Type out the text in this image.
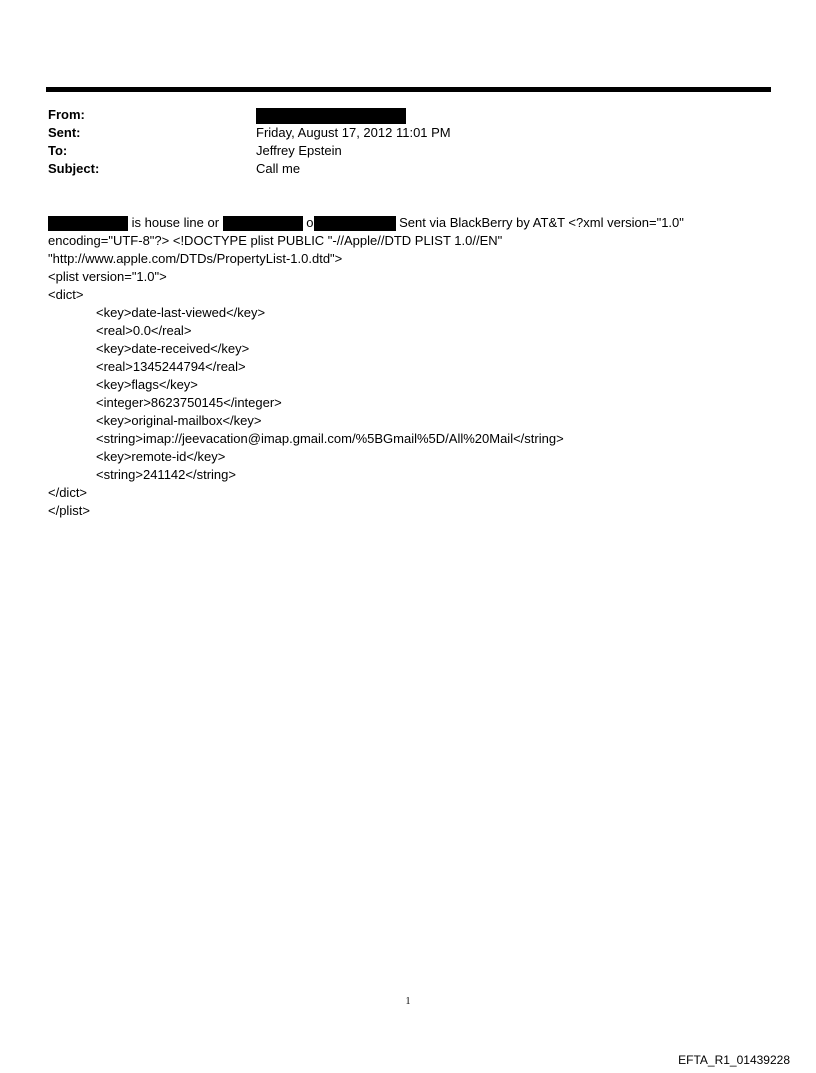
From:
Sent:	Friday, August 17, 2012 11:01 PM
To:	Jeffrey Epstein
Subject:	Call me
is house line or	o	Sent via BlackBerry by AT&T <?xml version="1.0"
encoding="UTF-8"?> <!DOCTYPE plist PUBLIC "-//Apple//DTD PLIST 1.0//EN"
"http://www.apple.com/DTDs/PropertyList-1.0.dtd">
<plist version="1.0">
<dict>
<key>date-last-viewed</key>
<real>0.0</real>
<key>date-received</key>
<real>1345244794</real>
<key>flags</key>
<integer>8623750145</integer>
<key>original-mailbox</key>
<string>imap://jeevacation@imap.gmail.com/%5BGmail%5D/All%20Mail</string>
<key>remote-id</key>
<string>241142</string>
</dict>
</plist>
1
EFTA_R1_01439228
